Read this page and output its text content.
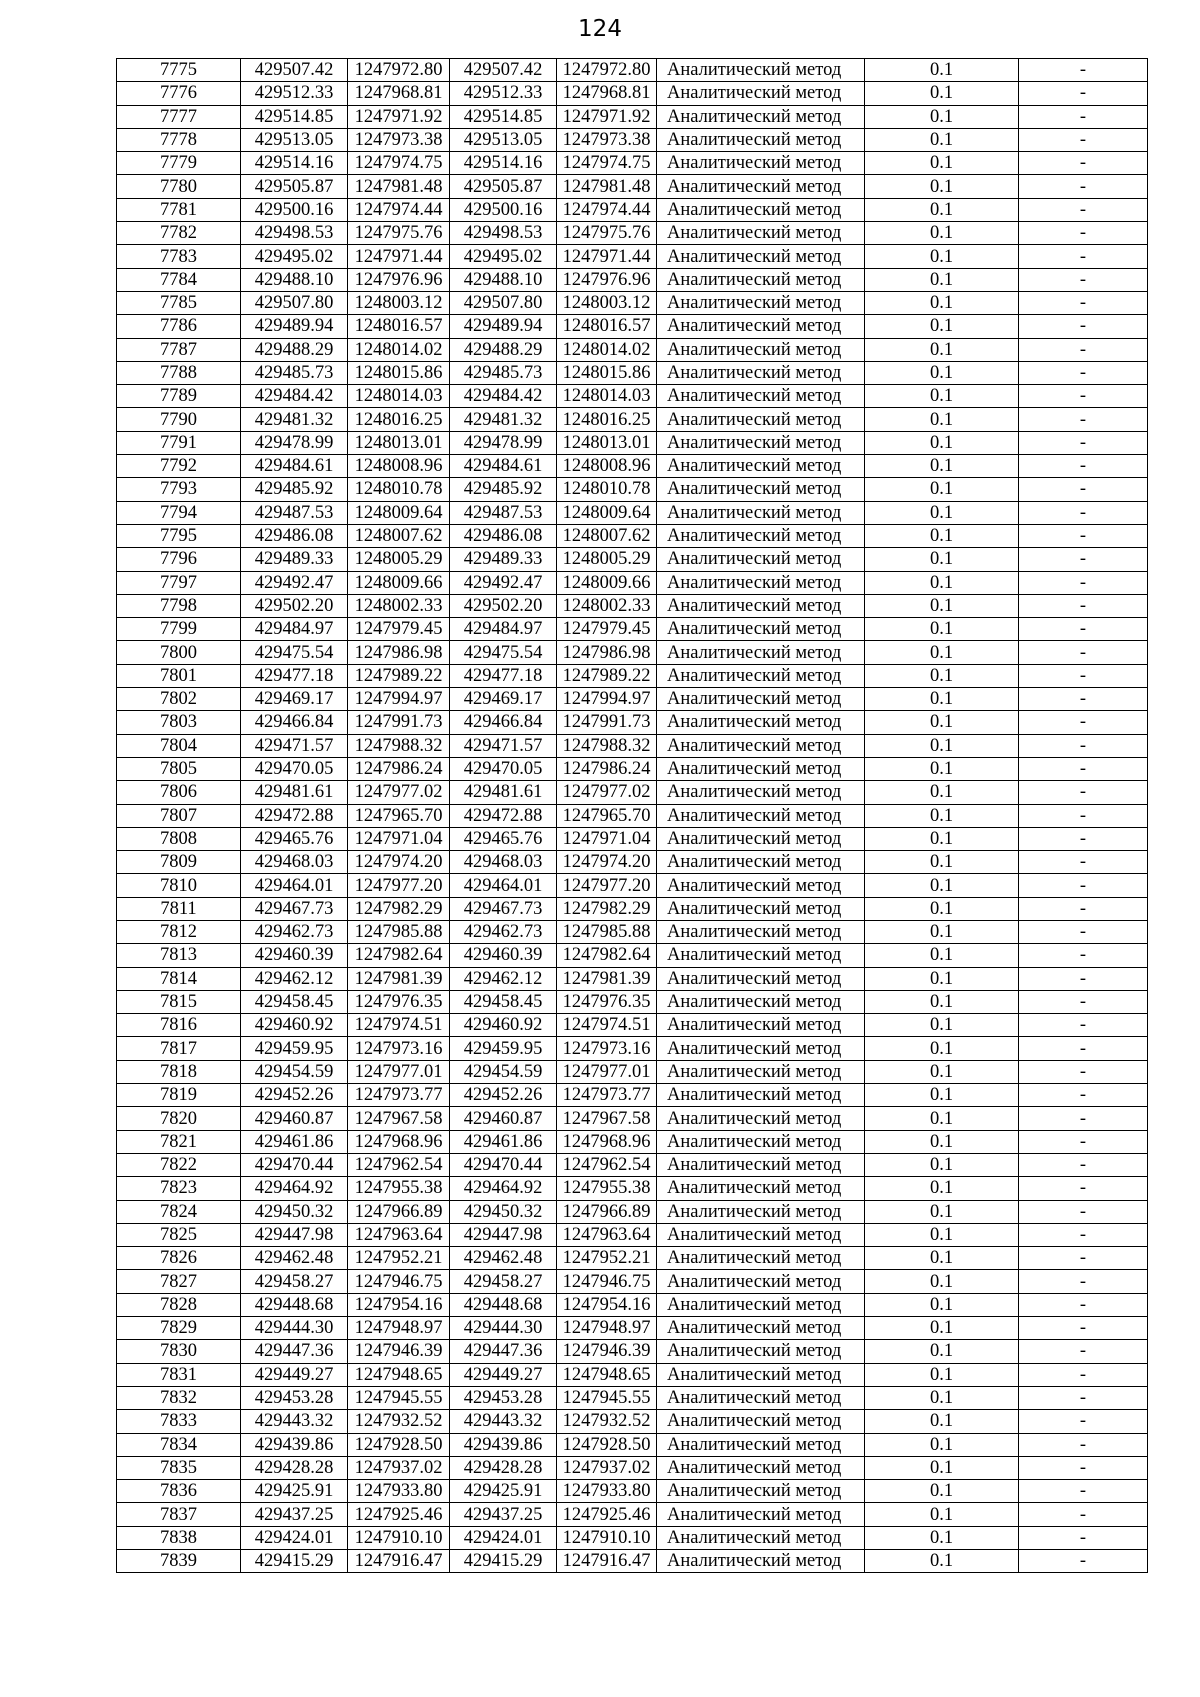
124
7775	429507.42	1247972.80	429507.42	1247972.80	Аналитический метод	0.1	-
7776	429512.33	1247968.81	429512.33	1247968.81	Аналитический метод	0.1	-
7777	429514.85	1247971.92	429514.85	1247971.92	Аналитический метод	0.1	-
7778	429513.05	1247973.38	429513.05	1247973.38	Аналитический метод	0.1	-
7779	429514.16	1247974.75	429514.16	1247974.75	Аналитический метод	0.1	-
7780	429505.87	1247981.48	429505.87	1247981.48	Аналитический метод	0.1	-
7781	429500.16	1247974.44	429500.16	1247974.44	Аналитический метод	0.1	-
7782	429498.53	1247975.76	429498.53	1247975.76	Аналитический метод	0.1	-
7783	429495.02	1247971.44	429495.02	1247971.44	Аналитический метод	0.1	-
7784	429488.10	1247976.96	429488.10	1247976.96	Аналитический метод	0.1	-
7785	429507.80	1248003.12	429507.80	1248003.12	Аналитический метод	0.1	-
7786	429489.94	1248016.57	429489.94	1248016.57	Аналитический метод	0.1	-
7787	429488.29	1248014.02	429488.29	1248014.02	Аналитический метод	0.1	-
7788	429485.73	1248015.86	429485.73	1248015.86	Аналитический метод	0.1	-
7789	429484.42	1248014.03	429484.42	1248014.03	Аналитический метод	0.1	-
7790	429481.32	1248016.25	429481.32	1248016.25	Аналитический метод	0.1	-
7791	429478.99	1248013.01	429478.99	1248013.01	Аналитический метод	0.1	-
7792	429484.61	1248008.96	429484.61	1248008.96	Аналитический метод	0.1	-
7793	429485.92	1248010.78	429485.92	1248010.78	Аналитический метод	0.1	-
7794	429487.53	1248009.64	429487.53	1248009.64	Аналитический метод	0.1	-
7795	429486.08	1248007.62	429486.08	1248007.62	Аналитический метод	0.1	-
7796	429489.33	1248005.29	429489.33	1248005.29	Аналитический метод	0.1	-
7797	429492.47	1248009.66	429492.47	1248009.66	Аналитический метод	0.1	-
7798	429502.20	1248002.33	429502.20	1248002.33	Аналитический метод	0.1	-
7799	429484.97	1247979.45	429484.97	1247979.45	Аналитический метод	0.1	-
7800	429475.54	1247986.98	429475.54	1247986.98	Аналитический метод	0.1	-
7801	429477.18	1247989.22	429477.18	1247989.22	Аналитический метод	0.1	-
7802	429469.17	1247994.97	429469.17	1247994.97	Аналитический метод	0.1	-
7803	429466.84	1247991.73	429466.84	1247991.73	Аналитический метод	0.1	-
7804	429471.57	1247988.32	429471.57	1247988.32	Аналитический метод	0.1	-
7805	429470.05	1247986.24	429470.05	1247986.24	Аналитический метод	0.1	-
7806	429481.61	1247977.02	429481.61	1247977.02	Аналитический метод	0.1	-
7807	429472.88	1247965.70	429472.88	1247965.70	Аналитический метод	0.1	-
7808	429465.76	1247971.04	429465.76	1247971.04	Аналитический метод	0.1	-
7809	429468.03	1247974.20	429468.03	1247974.20	Аналитический метод	0.1	-
7810	429464.01	1247977.20	429464.01	1247977.20	Аналитический метод	0.1	-
7811	429467.73	1247982.29	429467.73	1247982.29	Аналитический метод	0.1	-
7812	429462.73	1247985.88	429462.73	1247985.88	Аналитический метод	0.1	-
7813	429460.39	1247982.64	429460.39	1247982.64	Аналитический метод	0.1	-
7814	429462.12	1247981.39	429462.12	1247981.39	Аналитический метод	0.1	-
7815	429458.45	1247976.35	429458.45	1247976.35	Аналитический метод	0.1	-
7816	429460.92	1247974.51	429460.92	1247974.51	Аналитический метод	0.1	-
7817	429459.95	1247973.16	429459.95	1247973.16	Аналитический метод	0.1	-
7818	429454.59	1247977.01	429454.59	1247977.01	Аналитический метод	0.1	-
7819	429452.26	1247973.77	429452.26	1247973.77	Аналитический метод	0.1	-
7820	429460.87	1247967.58	429460.87	1247967.58	Аналитический метод	0.1	-
7821	429461.86	1247968.96	429461.86	1247968.96	Аналитический метод	0.1	-
7822	429470.44	1247962.54	429470.44	1247962.54	Аналитический метод	0.1	-
7823	429464.92	1247955.38	429464.92	1247955.38	Аналитический метод	0.1	-
7824	429450.32	1247966.89	429450.32	1247966.89	Аналитический метод	0.1	-
7825	429447.98	1247963.64	429447.98	1247963.64	Аналитический метод	0.1	-
7826	429462.48	1247952.21	429462.48	1247952.21	Аналитический метод	0.1	-
7827	429458.27	1247946.75	429458.27	1247946.75	Аналитический метод	0.1	-
7828	429448.68	1247954.16	429448.68	1247954.16	Аналитический метод	0.1	-
7829	429444.30	1247948.97	429444.30	1247948.97	Аналитический метод	0.1	-
7830	429447.36	1247946.39	429447.36	1247946.39	Аналитический метод	0.1	-
7831	429449.27	1247948.65	429449.27	1247948.65	Аналитический метод	0.1	-
7832	429453.28	1247945.55	429453.28	1247945.55	Аналитический метод	0.1	-
7833	429443.32	1247932.52	429443.32	1247932.52	Аналитический метод	0.1	-
7834	429439.86	1247928.50	429439.86	1247928.50	Аналитический метод	0.1	-
7835	429428.28	1247937.02	429428.28	1247937.02	Аналитический метод	0.1	-
7836	429425.91	1247933.80	429425.91	1247933.80	Аналитический метод	0.1	-
7837	429437.25	1247925.46	429437.25	1247925.46	Аналитический метод	0.1	-
7838	429424.01	1247910.10	429424.01	1247910.10	Аналитический метод	0.1	-
7839	429415.29	1247916.47	429415.29	1247916.47	Аналитический метод	0.1	-
